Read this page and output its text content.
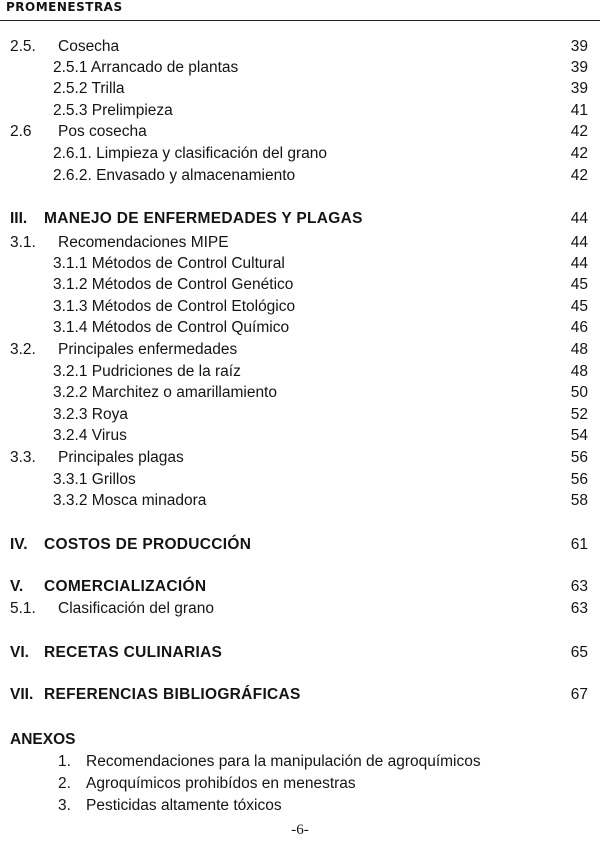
PROMENESTRAS
2.5. Cosecha	39
2.5.1 Arrancado de plantas	39
2.5.2 Trilla	39
2.5.3 Prelimpieza	41
2.6 Pos cosecha	42
2.6.1. Limpieza y clasificación del grano	42
2.6.2. Envasado y almacenamiento	42
III. MANEJO DE ENFERMEDADES Y PLAGAS	44
3.1. Recomendaciones MIPE	44
3.1.1 Métodos de Control Cultural	44
3.1.2 Métodos de Control Genético	45
3.1.3 Métodos de Control Etológico	45
3.1.4 Métodos de Control Químico	46
3.2. Principales enfermedades	48
3.2.1 Pudriciones de la raíz	48
3.2.2 Marchitez o amarillamiento	50
3.2.3 Roya	52
3.2.4 Virus	54
3.3. Principales plagas	56
3.3.1 Grillos	56
3.3.2 Mosca minadora	58
IV. COSTOS DE PRODUCCIÓN	61
V. COMERCIALIZACIÓN	63
5.1. Clasificación del grano	63
VI. RECETAS CULINARIAS	65
VII. REFERENCIAS BIBLIOGRÁFICAS	67
ANEXOS
1. Recomendaciones para la manipulación de agroquímicos
2. Agroquímicos prohibídos en menestras
3. Pesticidas altamente tóxicos
-6-
